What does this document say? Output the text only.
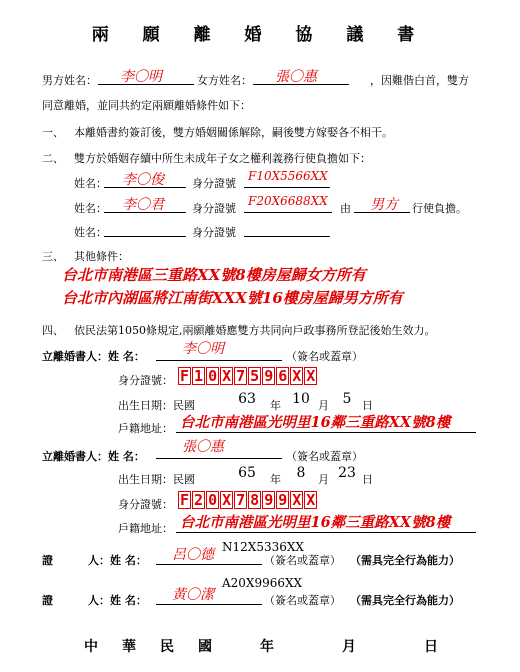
兩 願 離 婚 協 議 書
男方姓名： 李〇明	女方姓名： 張〇惠	，因難偕白首，雙方
同意離婚，並同共約定兩願離婚條件如下：
一、 本離婚書約簽訂後，雙方婚姻關係解除，嗣後雙方嫁娶各不相干。
二、 雙方於婚姻存續中所生未成年子女之權利義務行使負擔如下：
姓名： 李〇俊	身分證號
F10X5566XX
姓名： 李〇君	身分證號
F20X6688XX
由 男方 行使負擔。
姓名：	身分證號
三、 其他條件：
台北市南港區三重路XX號8樓房屋歸女方所有
台北市內湖區將江南街XXX號16樓房屋歸男方所有
四、 依民法第1050條規定,兩願離婚應雙方共同向戶政事務所登記後始生效力。
立離婚書人：姓 名：	李〇明	（簽名或蓋章）
身分證號： F 1 0 X 7 5 9 6 X X
出生日期：民國	63	年 10 月 5 日
戶籍地址： 台北市南港區光明里16鄰三重路XX號8樓
立離婚書人：姓 名：
張〇惠
（簽名或蓋章）
出生日期：民國	65	年	8	月 23 日
身分證號： F 2 0 X 7 8 9 9 X X
戶籍地址： 台北市南港區光明里16鄰三重路XX號8樓
證	人：姓 名： 呂〇德 N12X5336XX
（簽名或蓋章） （需具完全行為能力）
證	人：姓 名： 黃〇潔
A20X9966XX
（簽名或蓋章） （需具完全行為能力）
中 華 民 國	年	月	日
